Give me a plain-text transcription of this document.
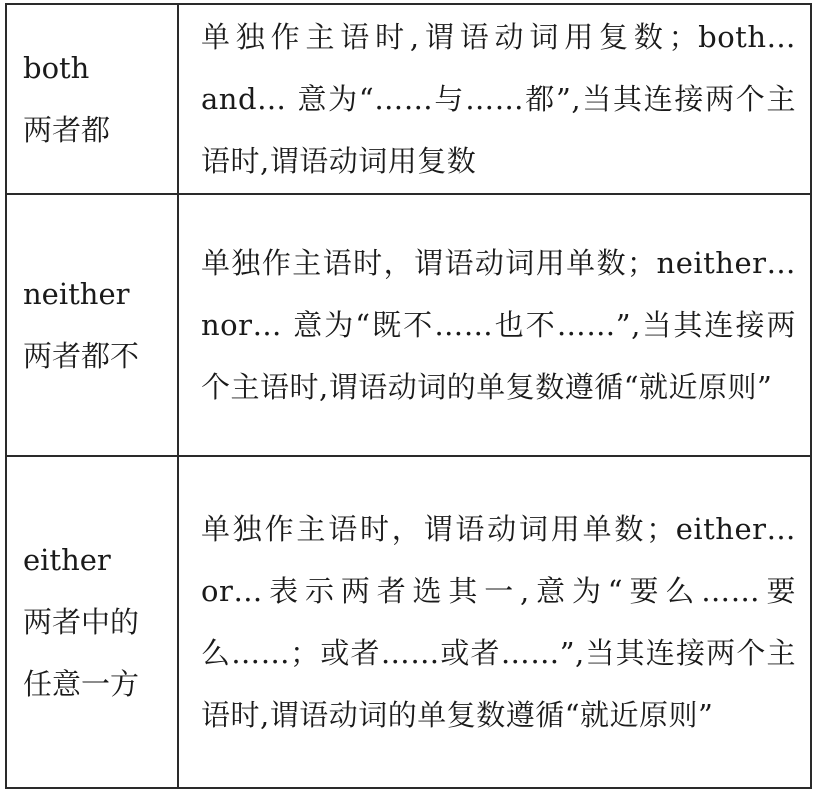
both
两者都	单独作主语时,谓语动词用复数；both… and… 意为“……与……都”,当其连接两个主语时,谓语动词用复数

neither
两者都不	单独作主语时，谓语动词用单数；neither… nor… 意为“既不……也不……”,当其连接两个主语时,谓语动词的单复数遵循“就近原则”

either
两者中的任意一方	单独作主语时，谓语动词用单数；either…or…表示两者选其一,意为“要么……要么……；或者……或者……”,当其连接两个主语时,谓语动词的单复数遵循“就近原则”
